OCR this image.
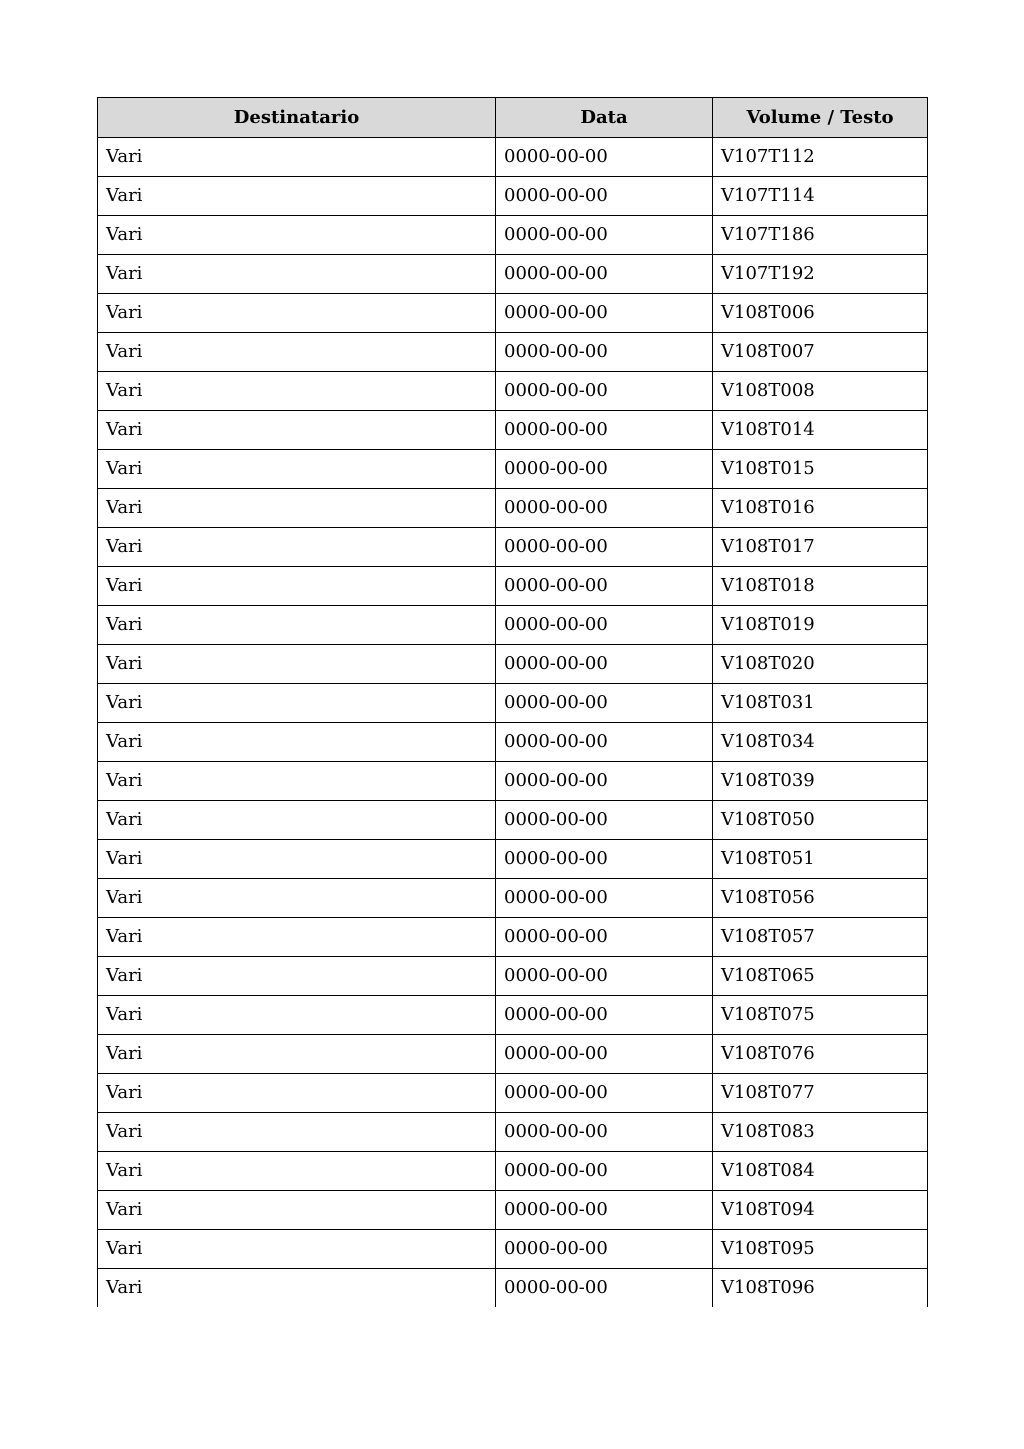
Destinatario	Data	Volume / Testo
Vari	0000-00-00	V107T112
Vari	0000-00-00	V107T114
Vari	0000-00-00	V107T186
Vari	0000-00-00	V107T192
Vari	0000-00-00	V108T006
Vari	0000-00-00	V108T007
Vari	0000-00-00	V108T008
Vari	0000-00-00	V108T014
Vari	0000-00-00	V108T015
Vari	0000-00-00	V108T016
Vari	0000-00-00	V108T017
Vari	0000-00-00	V108T018
Vari	0000-00-00	V108T019
Vari	0000-00-00	V108T020
Vari	0000-00-00	V108T031
Vari	0000-00-00	V108T034
Vari	0000-00-00	V108T039
Vari	0000-00-00	V108T050
Vari	0000-00-00	V108T051
Vari	0000-00-00	V108T056
Vari	0000-00-00	V108T057
Vari	0000-00-00	V108T065
Vari	0000-00-00	V108T075
Vari	0000-00-00	V108T076
Vari	0000-00-00	V108T077
Vari	0000-00-00	V108T083
Vari	0000-00-00	V108T084
Vari	0000-00-00	V108T094
Vari	0000-00-00	V108T095
Vari	0000-00-00	V108T096
